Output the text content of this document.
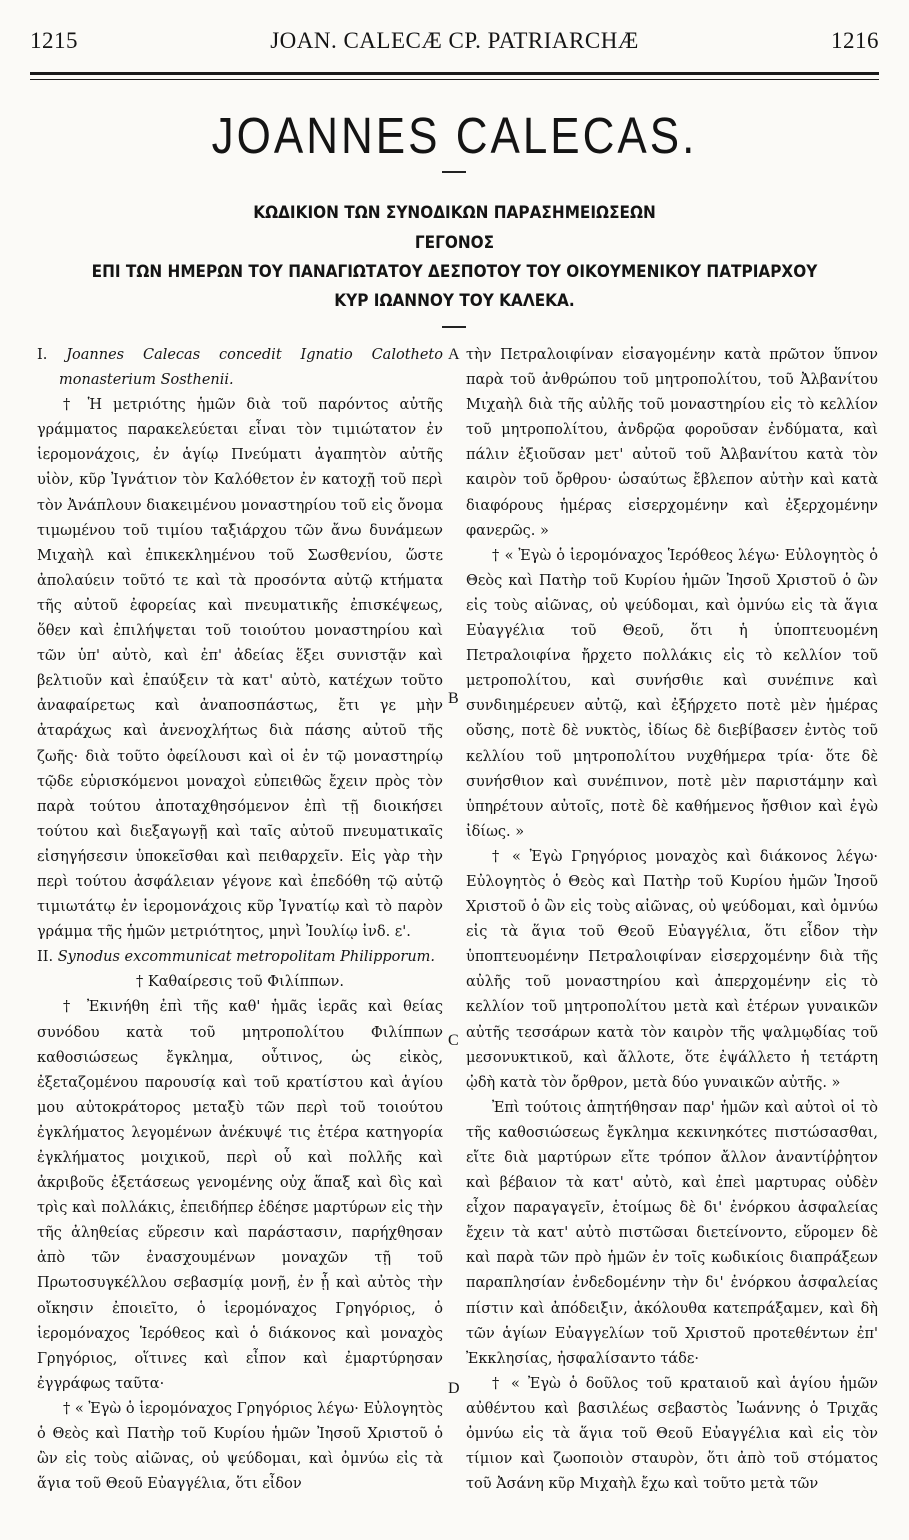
1215	JOAN. CALECÆ CP. PATRIARCHÆ	1216
JOANNES CALECAS.
ΚΩΔΙΚΙΟΝ ΤΩΝ ΣΥΝΟΔΙΚΩΝ ΠΑΡΑΣΗΜΕΙΩΣΕΩΝ
ΓΕΓΟΝΟΣ
ΕΠΙ ΤΩΝ ΗΜΕΡΩΝ ΤΟΥ ΠΑΝΑΓΙΩΤΑΤΟΥ ΔΕΣΠΟΤΟΥ ΤΟΥ ΟΙΚΟΥΜΕΝΙΚΟΥ ΠΑΤΡΙΑΡΧΟΥ
ΚΥΡ ΙΩΑΝΝΟΥ ΤΟΥ ΚΑΛΕΚΑ.
A
B
C
D

I. Joannes Calecas concedit Ignatio Calotheto monasterium Sosthenii.

† Ἡ μετριότης ἡμῶν διὰ τοῦ παρόντος αὐτῆς γράμματος παρακελεύεται εἶναι τὸν τιμιώτατον ἐν ἱερομονάχοις, ἐν ἁγίῳ Πνεύματι ἀγαπητὸν αὐτῆς υἱὸν, κῦρ Ἰγνάτιον τὸν Καλόθετον ἐν κατοχῇ τοῦ περὶ τὸν Ἀνάπλουν διακειμένου μοναστηρίου τοῦ εἰς ὄνομα τιμωμένου τοῦ τιμίου ταξιάρχου τῶν ἄνω δυνάμεων Μιχαὴλ καὶ ἐπικεκλημένου τοῦ Σωσθενίου, ὥστε ἀπολαύειν τοῦτό τε καὶ τὰ προσόντα αὐτῷ κτήματα τῆς αὐτοῦ ἐφορείας καὶ πνευματικῆς ἐπισκέψεως, ὅθεν καὶ ἐπιλήψεται τοῦ τοιούτου μοναστηρίου καὶ τῶν ὑπ' αὐτὸ, καὶ ἐπ' ἀδείας ἕξει συνιστᾷν καὶ βελτιοῦν καὶ ἐπαύξειν τὰ κατ' αὐτὸ, κατέχων τοῦτο ἀναφαίρετως καὶ ἀναποσπάστως, ἔτι γε μὴν ἀταράχως καὶ ἀνενοχλήτως διὰ πάσης αὐτοῦ τῆς ζωῆς· διὰ τοῦτο ὀφείλουσι καὶ οἱ ἐν τῷ μοναστηρίῳ τῷδε εὑρισκόμενοι μοναχοὶ εὐπειθῶς ἔχειν πρὸς τὸν παρὰ τούτου ἀποταχθησόμενον ἐπὶ τῇ διοικήσει τούτου καὶ διεξαγωγῇ καὶ ταῖς αὐτοῦ πνευματικαῖς εἰσηγήσεσιν ὑποκεῖσθαι καὶ πειθαρχεῖν. Εἰς γὰρ τὴν περὶ τούτου ἀσφάλειαν γέγονε καὶ ἐπεδόθη τῷ αὐτῷ τιμιωτάτῳ ἐν ἱερομονάχοις κῦρ Ἰγνατίῳ καὶ τὸ παρὸν γράμμα τῆς ἡμῶν μετριότητος, μηνὶ Ἰουλίῳ ἰνδ. ε'.

II. Synodus excommunicat metropolitam Philipporum.

† Καθαίρεσις τοῦ Φιλίππων.

† Ἐκινήθη ἐπὶ τῆς καθ' ἡμᾶς ἱερᾶς καὶ θείας συνόδου κατὰ τοῦ μητροπολίτου Φιλίππων καθοσιώσεως ἔγκλημα, οὗτινος, ὡς εἰκὸς, ἐξεταζομένου παρουσίᾳ καὶ τοῦ κρατίστου καὶ ἁγίου μου αὐτοκράτορος μεταξὺ τῶν περὶ τοῦ τοιούτου ἐγκλήματος λεγομένων ἀνέκυψέ τις ἑτέρα κατηγορία ἐγκλήματος μοιχικοῦ, περὶ οὗ καὶ πολλῆς καὶ ἀκριβοῦς ἐξετάσεως γενομένης οὐχ ἅπαξ καὶ δὶς καὶ τρὶς καὶ πολλάκις, ἐπειδήπερ ἐδέησε μαρτύρων εἰς τὴν τῆς ἀληθείας εὕρεσιν καὶ παράστασιν, παρήχθησαν ἀπὸ τῶν ἐνασχουμένων μοναχῶν τῇ τοῦ Πρωτοσυγκέλλου σεβασμίᾳ μονῇ, ἐν ᾗ καὶ αὐτὸς τὴν οἴκησιν ἐποιεῖτο, ὁ ἱερομόναχος Γρηγόριος, ὁ ἱερομόναχος Ἱερόθεος καὶ ὁ διάκονος καὶ μοναχὸς Γρηγόριος, οἵτινες καὶ εἶπον καὶ ἐμαρτύρησαν ἐγγράφως ταῦτα·

† « Ἐγὼ ὁ ἱερομόναχος Γρηγόριος λέγω· Εὐλογητὸς ὁ Θεὸς καὶ Πατὴρ τοῦ Κυρίου ἡμῶν Ἰησοῦ Χριστοῦ ὁ ὢν εἰς τοὺς αἰῶνας, οὐ ψεύδομαι, καὶ ὀμνύω εἰς τὰ ἅγια τοῦ Θεοῦ Εὐαγγέλια, ὅτι εἶδον

τὴν Πετραλοιφίναν εἰσαγομένην κατὰ πρῶτον ὕπνον παρὰ τοῦ ἀνθρώπου τοῦ μητροπολίτου, τοῦ Ἀλβανίτου Μιχαὴλ διὰ τῆς αὐλῆς τοῦ μοναστηρίου εἰς τὸ κελλίον τοῦ μητροπολίτου, ἀνδρῷα φοροῦσαν ἐνδύματα, καὶ πάλιν ἐξιοῦσαν μετ' αὐτοῦ τοῦ Ἀλβανίτου κατὰ τὸν καιρὸν τοῦ ὄρθρου· ὡσαύτως ἔβλεπον αὐτὴν καὶ κατὰ διαφόρους ἡμέρας εἰσερχομένην καὶ ἐξερχομένην φανερῶς. »

† « Ἐγὼ ὁ ἱερομόναχος Ἱερόθεος λέγω· Εὐλογητὸς ὁ Θεὸς καὶ Πατὴρ τοῦ Κυρίου ἡμῶν Ἰησοῦ Χριστοῦ ὁ ὢν εἰς τοὺς αἰῶνας, οὐ ψεύδομαι, καὶ ὀμνύω εἰς τὰ ἅγια Εὐαγγέλια τοῦ Θεοῦ, ὅτι ἡ ὑποπτευομένη Πετραλοιφίνα ἤρχετο πολλάκις εἰς τὸ κελλίον τοῦ μετροπολίτου, καὶ συνήσθιε καὶ συνέπινε καὶ συνδιημέρευεν αὐτῷ, καὶ ἐξήρχετο ποτὲ μὲν ἡμέρας οὔσης, ποτὲ δὲ νυκτὸς, ἰδίως δὲ διεβίβασεν ἐντὸς τοῦ κελλίου τοῦ μητροπολίτου νυχθήμερα τρία· ὅτε δὲ συνήσθιον καὶ συνέπινον, ποτὲ μὲν παριστάμην καὶ ὑπηρέτουν αὐτοῖς, ποτὲ δὲ καθήμενος ἤσθιον καὶ ἐγὼ ἰδίως. »

† « Ἐγὼ Γρηγόριος μοναχὸς καὶ διάκονος λέγω· Εὐλογητὸς ὁ Θεὸς καὶ Πατὴρ τοῦ Κυρίου ἡμῶν Ἰησοῦ Χριστοῦ ὁ ὢν εἰς τοὺς αἰῶνας, οὐ ψεύδομαι, καὶ ὀμνύω εἰς τὰ ἅγια τοῦ Θεοῦ Εὐαγγέλια, ὅτι εἶδον τὴν ὑποπτευομένην Πετραλοιφίναν εἰσερχομένην διὰ τῆς αὐλῆς τοῦ μοναστηρίου καὶ ἀπερχομένην εἰς τὸ κελλίον τοῦ μητροπολίτου μετὰ καὶ ἑτέρων γυναικῶν αὐτῆς τεσσάρων κατὰ τὸν καιρὸν τῆς ψαλμῳδίας τοῦ μεσονυκτικοῦ, καὶ ἄλλοτε, ὅτε ἐψάλλετο ἡ τετάρτη ᾠδὴ κατὰ τὸν ὄρθρον, μετὰ δύο γυναικῶν αὐτῆς. »

Ἐπὶ τούτοις ἀπητήθησαν παρ' ἡμῶν καὶ αὐτοὶ οἱ τὸ τῆς καθοσιώσεως ἔγκλημα κεκινηκότες πιστώσασθαι, εἴτε διὰ μαρτύρων εἴτε τρόπον ἄλλον ἀναντίῤῥητον καὶ βέβαιον τὰ κατ' αὐτὸ, καὶ ἐπεὶ μαρτυρας οὐδὲν εἶχον παραγαγεῖν, ἑτοίμως δὲ δι' ἐνόρκου ἀσφαλείας ἔχειν τὰ κατ' αὐτὸ πιστῶσαι διετείνοντο, εὕρομεν δὲ καὶ παρὰ τῶν πρὸ ἡμῶν ἐν τοῖς κωδικίοις διαπράξεων παραπλησίαν ἐνδεδομένην τὴν δι' ἐνόρκου ἀσφαλείας πίστιν καὶ ἀπόδειξιν, ἀκόλουθα κατεπράξαμεν, καὶ δὴ τῶν ἁγίων Εὐαγγελίων τοῦ Χριστοῦ προτεθέντων ἐπ' Ἐκκλησίας, ἠσφαλίσαντο τάδε·

† « Ἐγὼ ὁ δοῦλος τοῦ κραταιοῦ καὶ ἁγίου ἡμῶν αὐθέντου καὶ βασιλέως σεβαστὸς Ἰωάννης ὁ Τριχᾶς ὀμνύω εἰς τὰ ἅγια τοῦ Θεοῦ Εὐαγγέλια καὶ εἰς τὸν τίμιον καὶ ζωοποιὸν σταυρὸν, ὅτι ἀπὸ τοῦ στόματος τοῦ Ἀσάνη κῦρ Μιχαὴλ ἔχω καὶ τοῦτο μετὰ τῶν
